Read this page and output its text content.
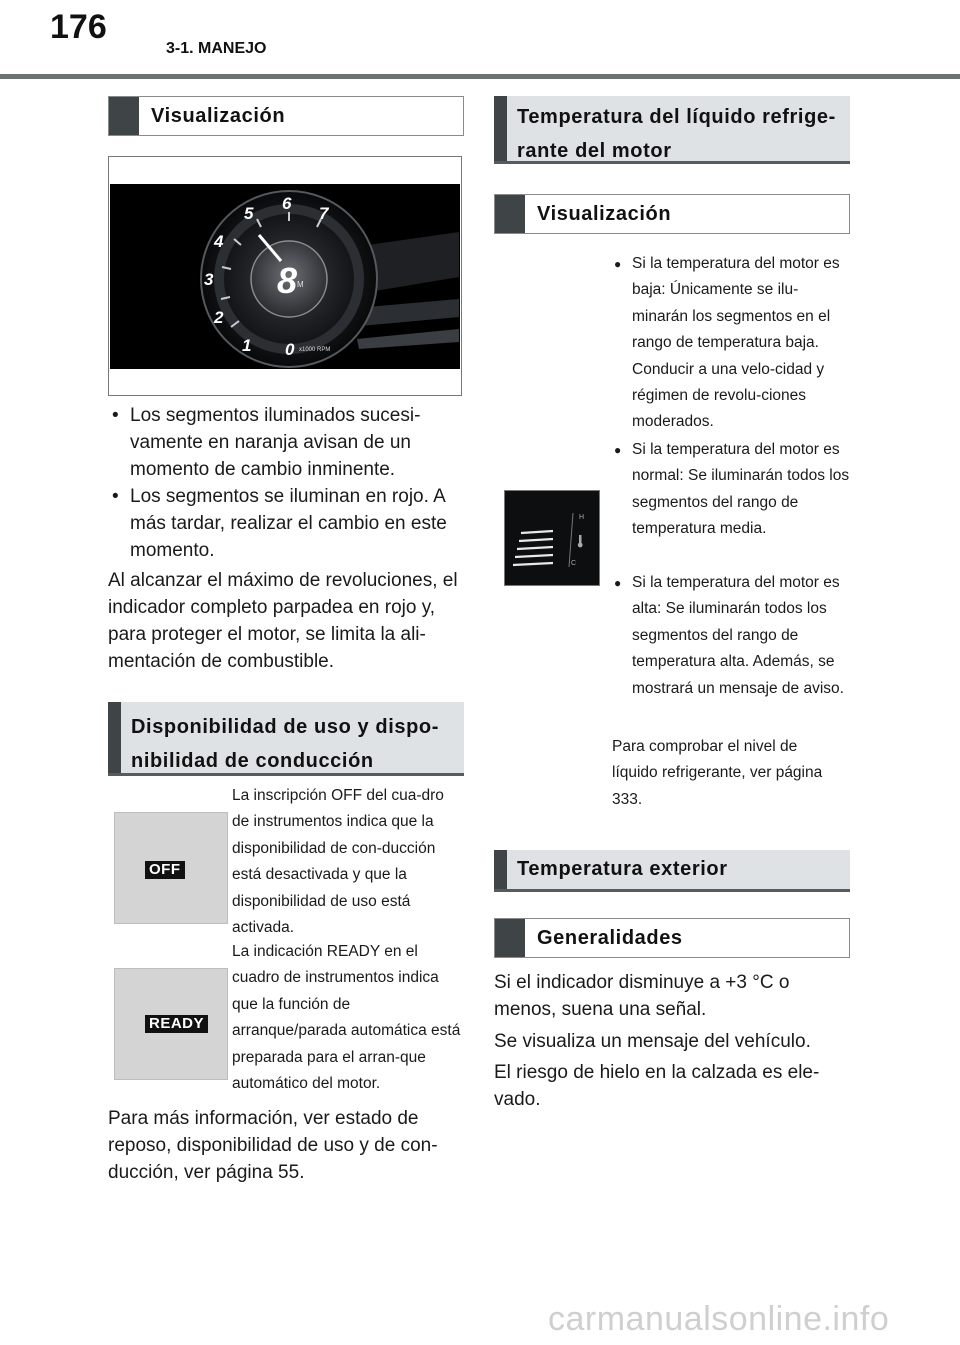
176
3-1. MANEJO
Visualización
1
2
3
4
5
6
7
0
8 M
x1000 RPM
• Los segmentos iluminados sucesi-vamente en naranja avisan de un momento de cambio inminente.
• Los segmentos se iluminan en rojo. A más tardar, realizar el cambio en este momento.
Al alcanzar el máximo de revoluciones, el indicador completo parpadea en rojo y, para proteger el motor, se limita la ali-mentación de combustible.
Disponibilidad de uso y dispo-nibilidad de conducción
OFF
La inscripción OFF del cua-dro de instrumentos indica que la disponibilidad de con-ducción está desactivada y que la disponibilidad de uso está activada.
READY
La indicación READY en el cuadro de instrumentos indica que la función de arranque/parada automática está preparada para el arran-que automático del motor.
Para más información, ver estado de reposo, disponibilidad de uso y de con-ducción, ver página 55.
Temperatura del líquido refrige-rante del motor
Visualización
H
C
● Si la temperatura del motor es baja: Únicamente se ilu-minarán los segmentos en el rango de temperatura baja. Conducir a una velo-cidad y régimen de revolu-ciones moderados.
● Si la temperatura del motor es normal: Se iluminarán todos los segmentos del rango de temperatura media.
● Si la temperatura del motor es alta: Se iluminarán todos los segmentos del rango de temperatura alta. Además, se mostrará un mensaje de aviso.
Para comprobar el nivel de líquido refrigerante, ver página 333.
Temperatura exterior
Generalidades
Si el indicador disminuye a +3 °C o menos, suena una señal.
Se visualiza un mensaje del vehículo.
El riesgo de hielo en la calzada es ele-vado.
carmanualsonline.info
